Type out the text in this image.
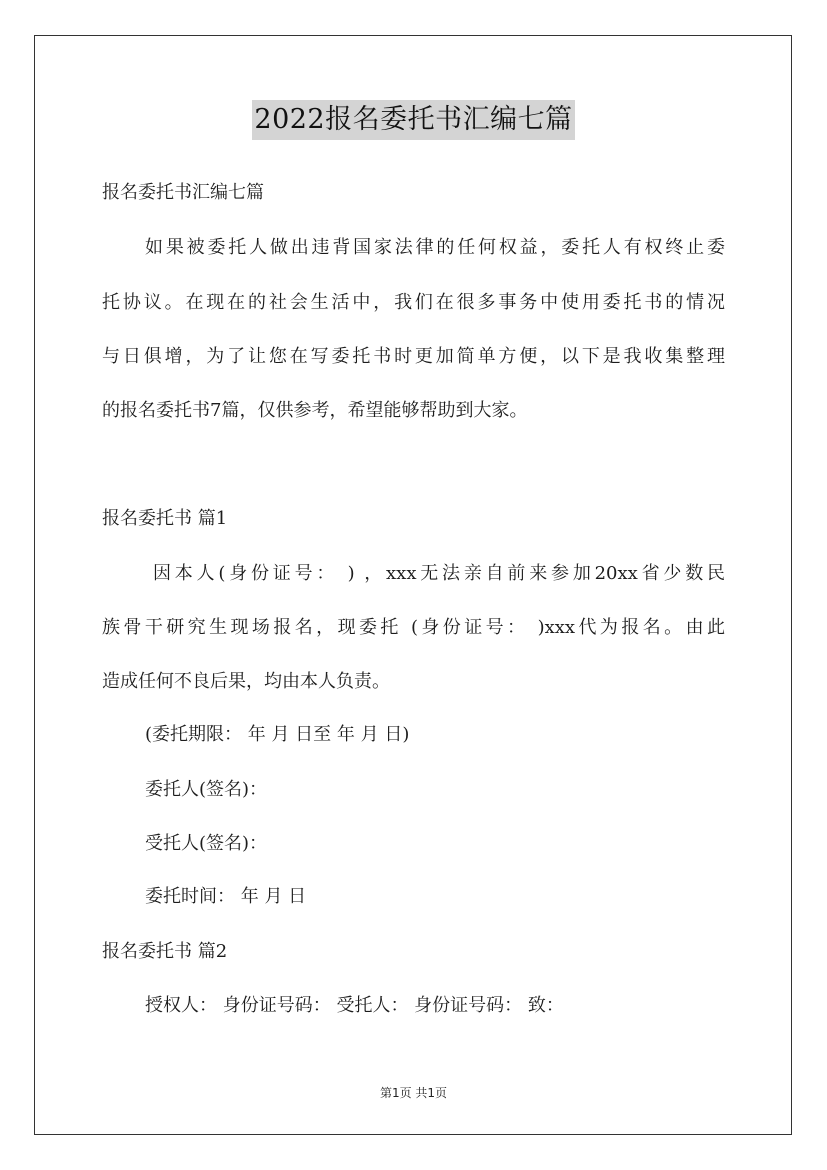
2022报名委托书汇编七篇
报名委托书汇编七篇
如果被委托人做出违背国家法律的任何权益，委托人有权终止委
托协议。在现在的社会生活中，我们在很多事务中使用委托书的情况
与日俱增，为了让您在写委托书时更加简单方便，以下是我收集整理
的报名委托书7篇，仅供参考，希望能够帮助到大家。
报名委托书 篇1
因本人(身份证号： ) ，xxx无法亲自前来参加20xx省少数民
族骨干研究生现场报名，现委托 (身份证号： )xxx代为报名。由此
造成任何不良后果，均由本人负责。
(委托期限： 年 月 日至 年 月 日)
委托人(签名)：
受托人(签名)：
委托时间： 年 月 日
报名委托书 篇2
授权人： 身份证号码： 受托人： 身份证号码： 致：
第1页 共1页
